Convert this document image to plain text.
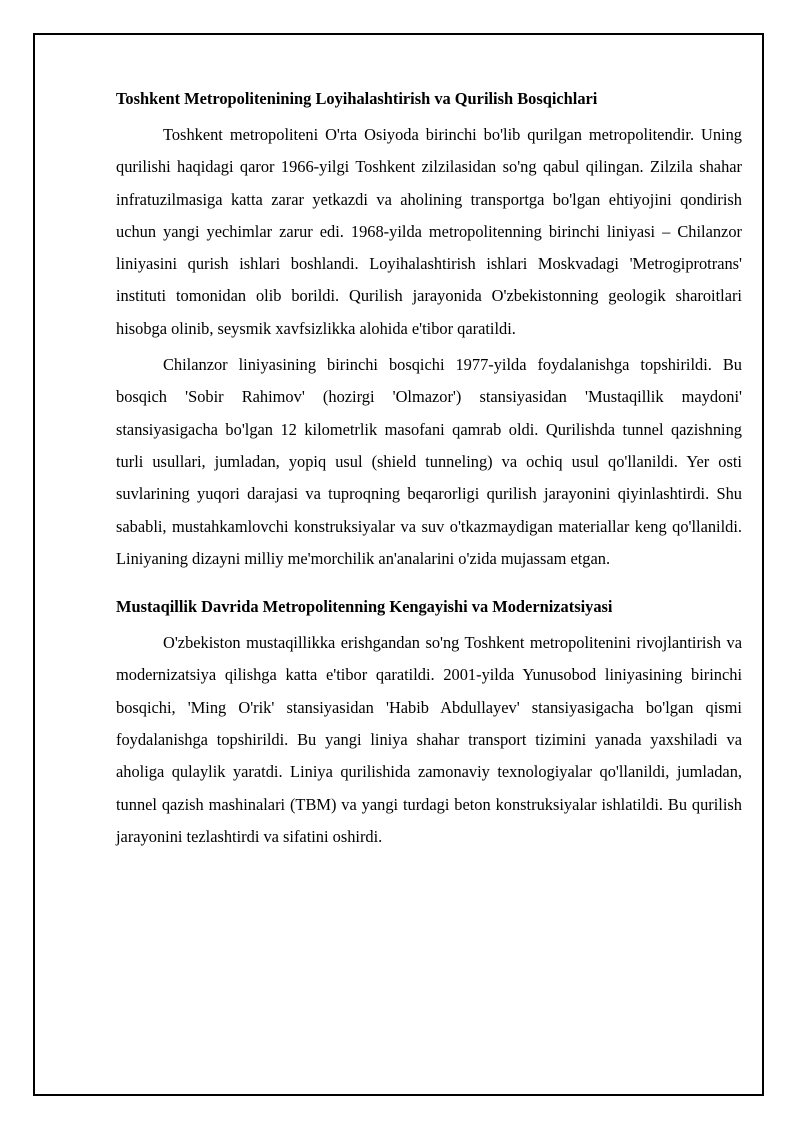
Toshkent Metropolitenining Loyihalashtirish va Qurilish Bosqichlari

Toshkent metropoliteni O'rta Osiyoda birinchi bo'lib qurilgan metropolitendir. Uning qurilishi haqidagi qaror 1966-yilgi Toshkent zilzilasidan so'ng qabul qilingan. Zilzila shahar infratuzilmasiga katta zarar yetkazdi va aholining transportga bo'lgan ehtiyojini qondirish uchun yangi yechimlar zarur edi. 1968-yilda metropolitenning birinchi liniyasi – Chilanzor liniyasini qurish ishlari boshlandi. Loyihalashtirish ishlari Moskvadagi 'Metrogiprotrans' instituti tomonidan olib borildi. Qurilish jarayonida O'zbekistonning geologik sharoitlari hisobga olinib, seysmik xavfsizlikka alohida e'tibor qaratildi.

Chilanzor liniyasining birinchi bosqichi 1977-yilda foydalanishga topshirildi. Bu bosqich 'Sobir Rahimov' (hozirgi 'Olmazor') stansiyasidan 'Mustaqillik maydoni' stansiyasigacha bo'lgan 12 kilometrlik masofani qamrab oldi. Qurilishda tunnel qazishning turli usullari, jumladan, yopiq usul (shield tunneling) va ochiq usul qo'llanildi. Yer osti suvlarining yuqori darajasi va tuproqning beqarorligi qurilish jarayonini qiyinlashtirdi. Shu sababli, mustahkamlovchi konstruksiyalar va suv o'tkazmaydigan materiallar keng qo'llanildi. Liniyaning dizayni milliy me'morchilik an'analarini o'zida mujassam etgan.

Mustaqillik Davrida Metropolitenning Kengayishi va Modernizatsiyasi

O'zbekiston mustaqillikka erishgandan so'ng Toshkent metropolitenini rivojlantirish va modernizatsiya qilishga katta e'tibor qaratildi. 2001-yilda Yunusobod liniyasining birinchi bosqichi, 'Ming O'rik' stansiyasidan 'Habib Abdullayev' stansiyasigacha bo'lgan qismi foydalanishga topshirildi. Bu yangi liniya shahar transport tizimini yanada yaxshiladi va aholiga qulaylik yaratdi. Liniya qurilishida zamonaviy texnologiyalar qo'llanildi, jumladan, tunnel qazish mashinalari (TBM) va yangi turdagi beton konstruksiyalar ishlatildi. Bu qurilish jarayonini tezlashtirdi va sifatini oshirdi.
